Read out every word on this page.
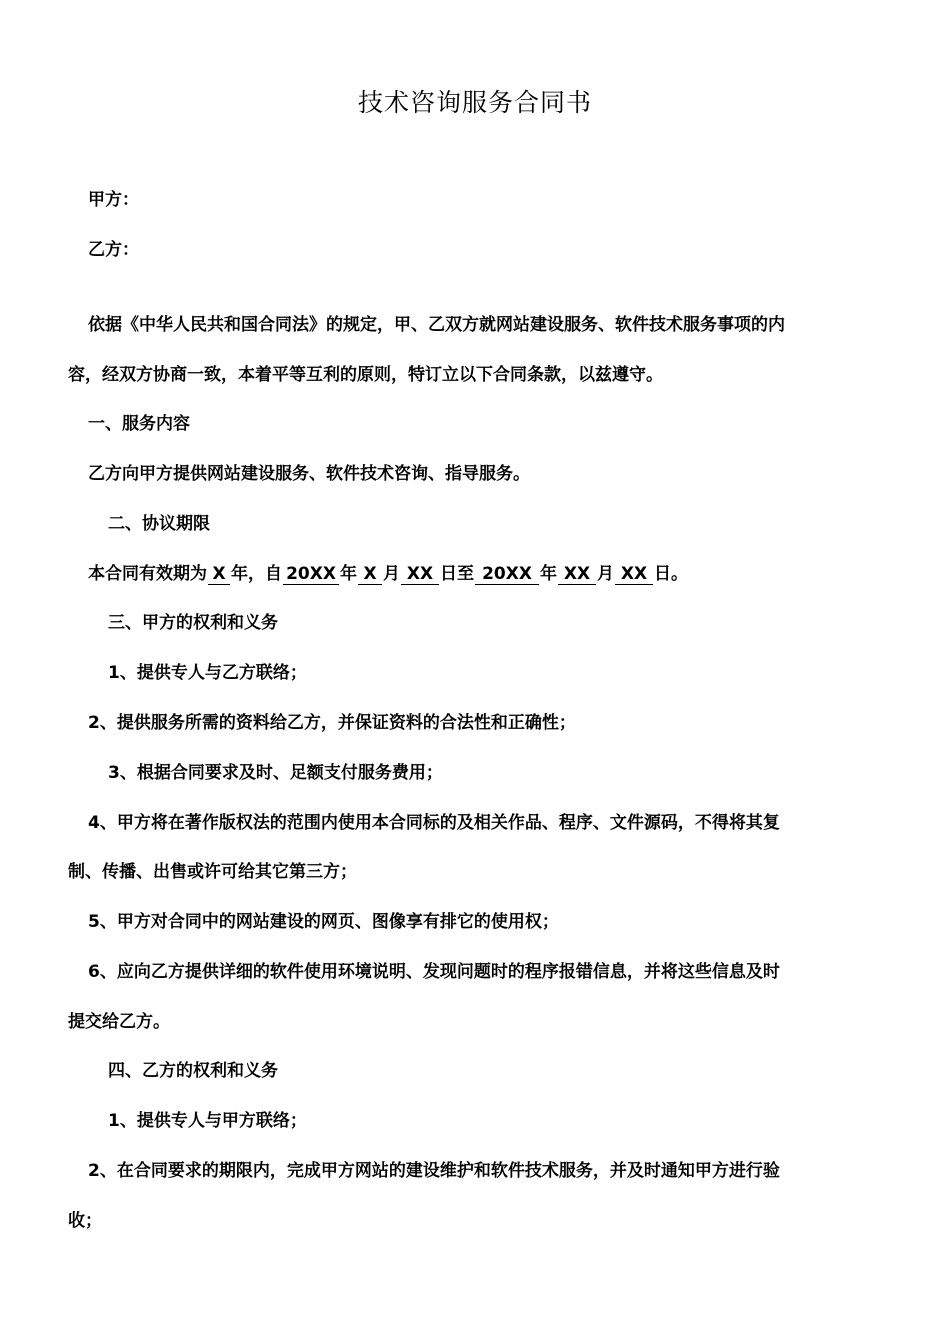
技术咨询服务合同书
甲方：
乙方：
依据《中华人民共和国合同法》的规定，甲、乙双方就网站建设服务、软件技术服务事项的内
容，经双方协商一致，本着平等互利的原则，特订立以下合同条款，以兹遵守。
一、服务内容
乙方向甲方提供网站建设服务、软件技术咨询、指导服务。
二、协议期限
本合同有效期为 X 年，自 20XX 年 X 月 XX 日至 20XX 年 XX 月 XX 日。
三、甲方的权利和义务
1、提供专人与乙方联络；
2、提供服务所需的资料给乙方，并保证资料的合法性和正确性；
3、根据合同要求及时、足额支付服务费用；
4、甲方将在著作版权法的范围内使用本合同标的及相关作品、程序、文件源码，不得将其复
制、传播、出售或许可给其它第三方；
5、甲方对合同中的网站建设的网页、图像享有排它的使用权；
6、应向乙方提供详细的软件使用环境说明、发现问题时的程序报错信息，并将这些信息及时
提交给乙方。
四、乙方的权利和义务
1、提供专人与甲方联络；
2、在合同要求的期限内，完成甲方网站的建设维护和软件技术服务，并及时通知甲方进行验
收；
